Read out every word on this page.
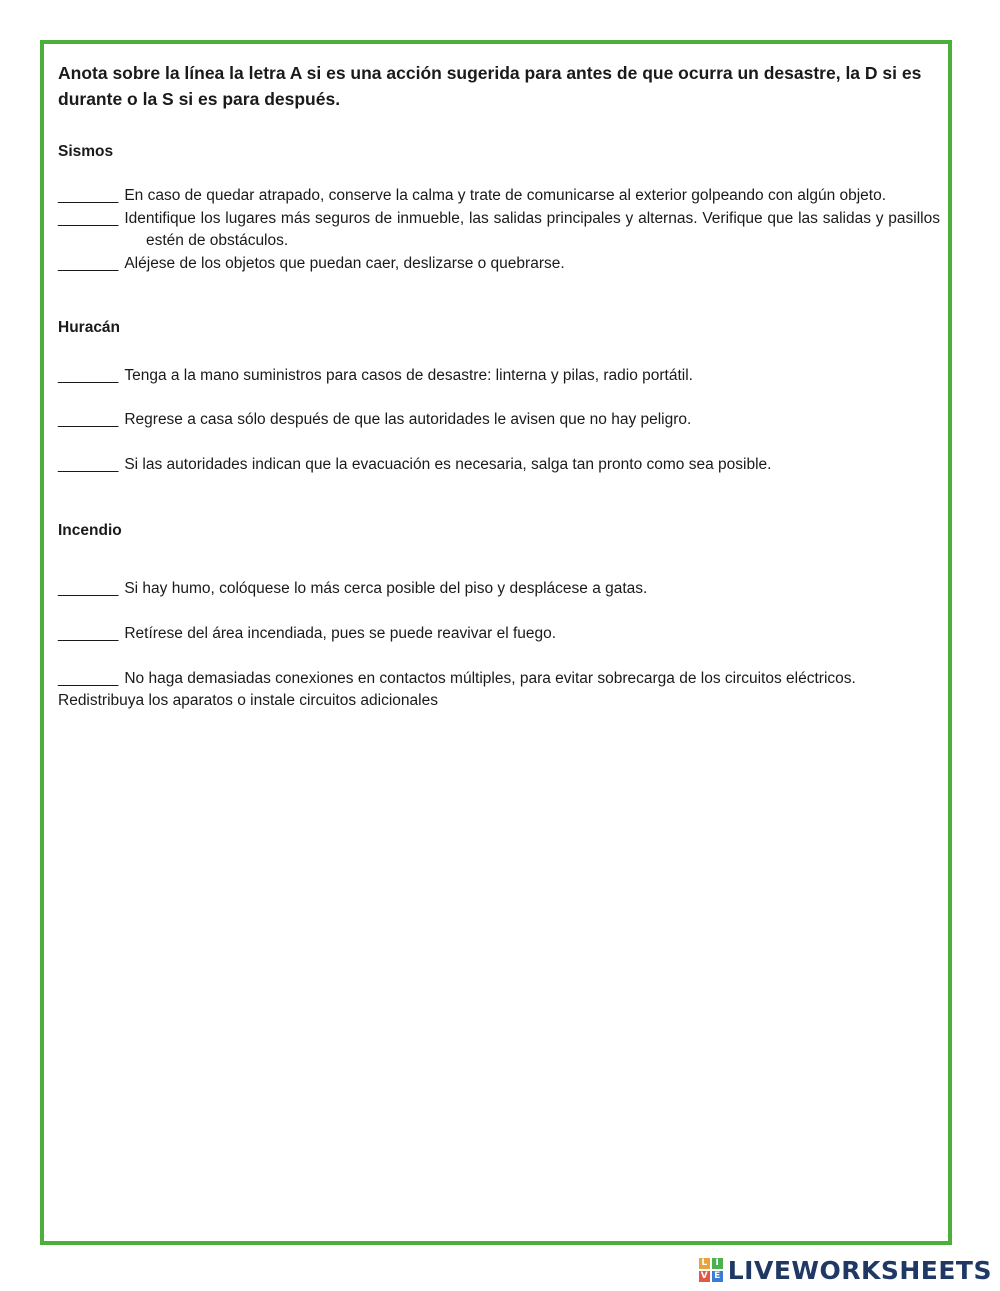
Anota sobre la línea la letra A si es una acción sugerida para antes de que ocurra un desastre, la D si es durante o la S si es para después.

Sismos

_______ En caso de quedar atrapado, conserve la calma y trate de comunicarse al exterior golpeando con algún objeto.

_______ Identifique los lugares más seguros de inmueble, las salidas principales y alternas. Verifique que las salidas y pasillos estén de obstáculos.

_______ Aléjese de los objetos que puedan caer, deslizarse o quebrarse.

Huracán

_______ Tenga a la mano suministros para casos de desastre: linterna y pilas, radio portátil.

_______ Regrese a casa sólo después de que las autoridades le avisen que no hay peligro.

_______ Si las autoridades indican que la evacuación es necesaria, salga tan pronto como sea posible.

Incendio

_______ Si hay humo, colóquese lo más cerca posible del piso y desplácese a gatas.

_______ Retírese del área incendiada, pues se puede reavivar el fuego.

_______ No haga demasiadas conexiones en contactos múltiples, para evitar sobrecarga de los circuitos eléctricos. Redistribuya los aparatos o instale circuitos adicionales

L I
V E LIVEWORKSHEETS
